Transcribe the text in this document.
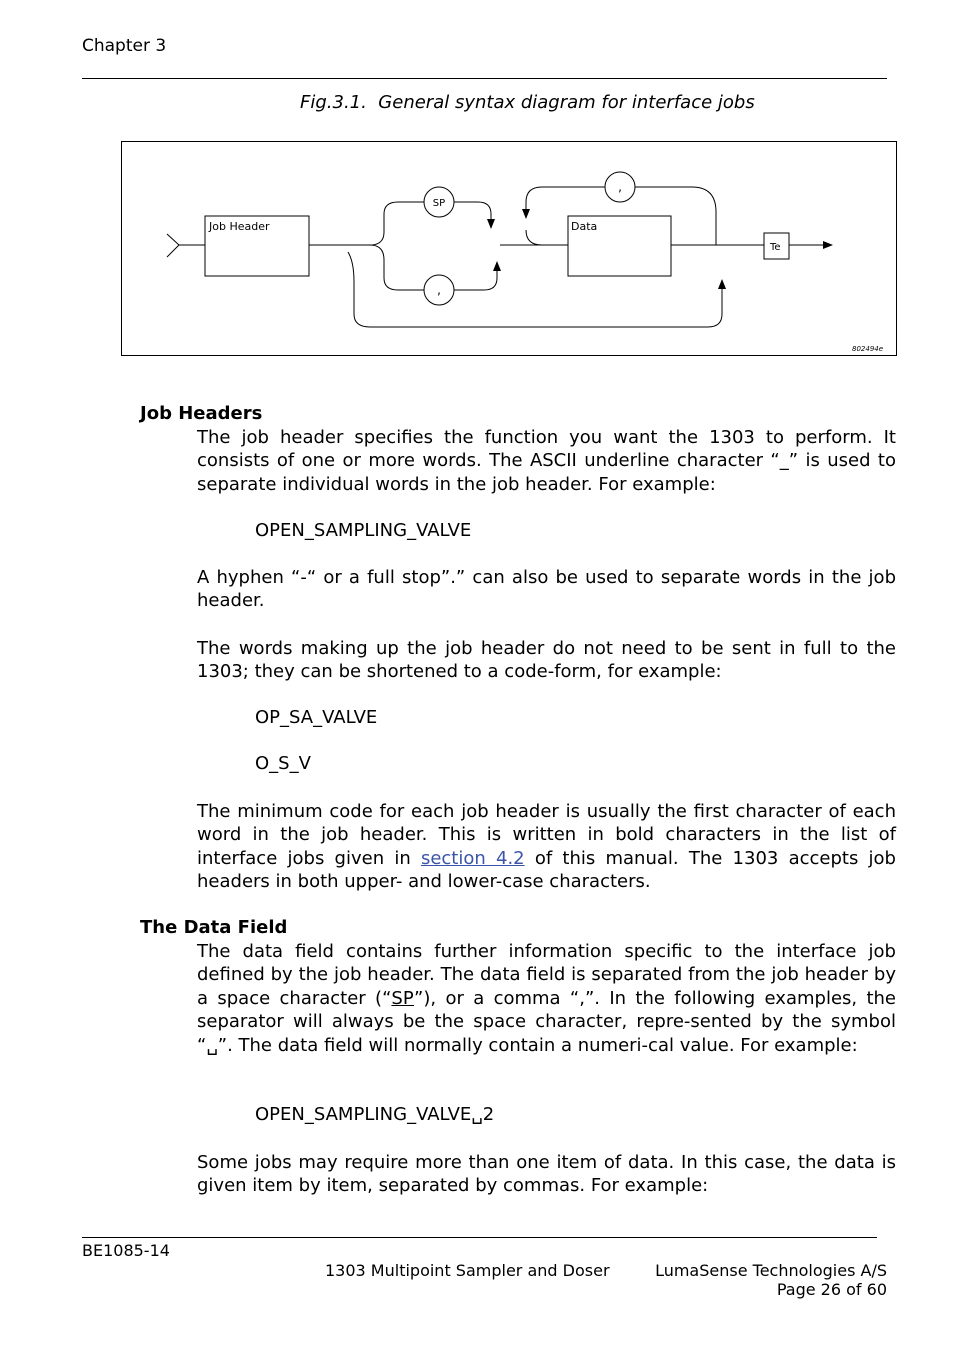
Chapter 3
Fig.3.1.  General syntax diagram for interface jobs
Job Header
SP
,
Data
,
Te
802494e
Job Headers
The job header specifies the function you want the 1303 to perform. It consists of one or more words. The ASCII underline character “_” is used to separate individual words in the job header. For example:
OPEN_SAMPLING_VALVE
A hyphen “-“ or a full stop”.” can also be used to separate words in the job header.
The words making up the job header do not need to be sent in full to the 1303; they can be shortened to a code-form, for example:
OP_SA_VALVE
O_S_V
The minimum code for each job header is usually the first character of each word in the job header. This is written in bold characters in the list of interface jobs given in section 4.2 of this manual. The 1303 accepts job headers in both upper- and lower-case characters.
The Data Field
The data field contains further information specific to the interface job defined by the job header. The data field is separated from the job header by a space character (“SP”), or a comma “,”. In the following examples, the separator will always be the space character, repre-sented by the symbol “␣”. The data field will normally contain a numeri-cal value. For example:
OPEN_SAMPLING_VALVE␣2
Some jobs may require more than one item of data. In this case, the data is given item by item, separated by commas. For example:
BE1085-14
1303 Multipoint Sampler and Doser	LumaSense Technologies A/S
Page 26 of 60
